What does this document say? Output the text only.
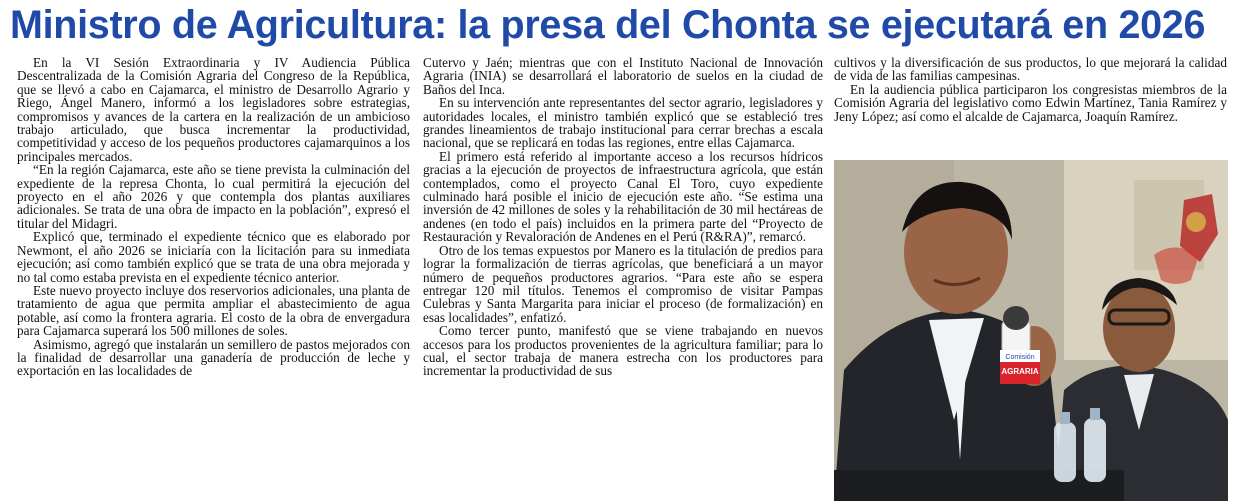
Ministro de Agricultura: la presa del Chonta se ejecutará en 2026

En la VI Sesión Extraordinaria y IV Audiencia Pública Descentralizada de la Comisión Agraria del Congreso de la República, que se llevó a cabo en Cajamarca, el ministro de Desarrollo Agrario y Riego, Ángel Manero, informó a los legisladores sobre estrategias, compromisos y avances de la cartera en la realización de un ambicioso trabajo articulado, que busca incrementar la productividad, competitividad y acceso de los pequeños productores cajamarquinos a los principales mercados.

“En la región Cajamarca, este año se tiene prevista la culminación del expediente de la represa Chonta, lo cual permitirá la ejecución del proyecto en el año 2026 y que contempla dos plantas auxiliares adicionales. Se trata de una obra de impacto en la población”, expresó el titular del Midagri.

Explicó que, terminado el expediente técnico que es elaborado por Newmont, el año 2026 se iniciaría con la licitación para su inmediata ejecución; así como también explicó que se trata de una obra mejorada y no tal como estaba prevista en el expediente técnico anterior.

Este nuevo proyecto incluye dos reservorios adicionales, una planta de tratamiento de agua que permita ampliar el abastecimiento de agua potable, así como la frontera agraria. El costo de la obra de envergadura para Cajamarca superará los 500 millones de soles.

Asimismo, agregó que instalarán un semillero de pastos mejorados con la finalidad de desarrollar una ganadería de producción de leche y exportación en las localidades de

Cutervo y Jaén; mientras que con el Instituto Nacional de Innovación Agraria (INIA) se desarrollará el laboratorio de suelos en la ciudad de Baños del Inca.

En su intervención ante representantes del sector agrario, legisladores y autoridades locales, el ministro también explicó que se estableció tres grandes lineamientos de trabajo institucional para cerrar brechas a escala nacional, que se replicará en todas las regiones, entre ellas Cajamarca.

El primero está referido al importante acceso a los recursos hídricos gracias a la ejecución de proyectos de infraestructura agrícola, que están contemplados, como el proyecto Canal El Toro, cuyo expediente culminado hará posible el inicio de ejecución este año. “Se estima una inversión de 42 millones de soles y la rehabilitación de 30 mil hectáreas de andenes (en todo el país) incluidos en la primera parte del “Proyecto de Restauración y Revaloración de Andenes en el Perú (R&RA)”, remarcó.

Otro de los temas expuestos por Manero es la titulación de predios para lograr la formalización de tierras agrícolas, que beneficiará a un mayor número de pequeños productores agrarios. “Para este año se espera entregar 120 mil títulos. Tenemos el compromiso de visitar Pampas Culebras y Santa Margarita para iniciar el proceso (de formalización) en esas localidades”, enfatizó.

Como tercer punto, manifestó que se viene trabajando en nuevos accesos para los productos provenientes de la agricultura familiar; para lo cual, el sector trabaja de manera estrecha con los productores para incrementar la productividad de sus

cultivos y la diversificación de sus productos, lo que mejorará la calidad de vida de las familias campesinas.

En la audiencia pública participaron los congresistas miembros de la Comisión Agraria del legislativo como Edwin Martínez, Tania Ramírez y Jeny López; así como el alcalde de Cajamarca, Joaquín Ramírez.

Comisión
AGRARIA
